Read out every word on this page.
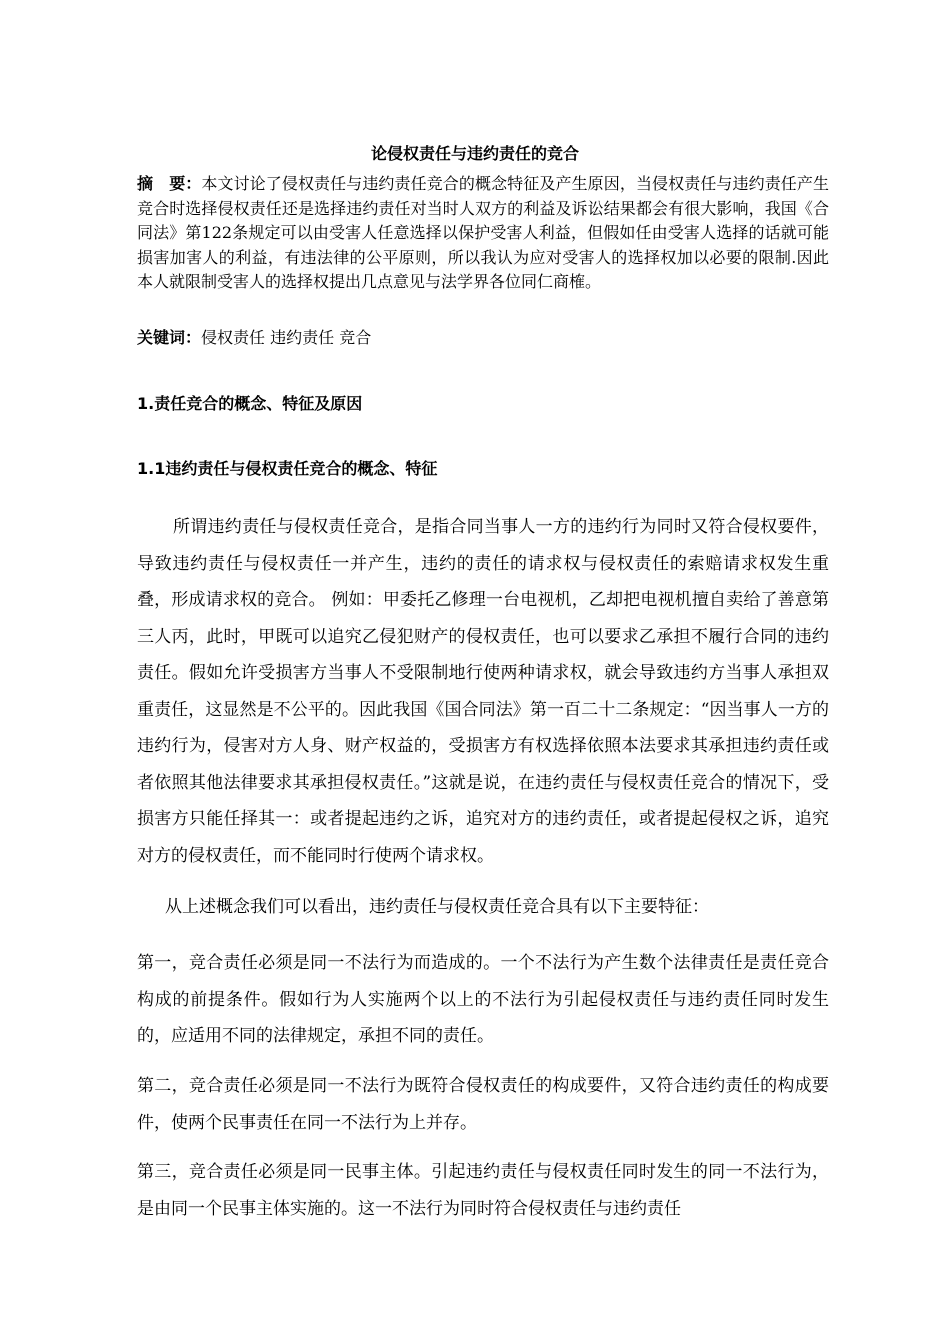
论侵权责任与违约责任的竞合

摘　要：本文讨论了侵权责任与违约责任竞合的概念特征及产生原因，当侵权责任与违约责任产生竞合时选择侵权责任还是选择违约责任对当时人双方的利益及诉讼结果都会有很大影响，我国《合同法》第122条规定可以由受害人任意选择以保护受害人利益，但假如任由受害人选择的话就可能损害加害人的利益，有违法律的公平原则，所以我认为应对受害人的选择权加以必要的限制.因此本人就限制受害人的选择权提出几点意见与法学界各位同仁商榷。

关键词：侵权责任 违约责任 竞合

1.责任竞合的概念、特征及原因
1.1违约责任与侵权责任竞合的概念、特征

所谓违约责任与侵权责任竞合，是指合同当事人一方的违约行为同时又符合侵权要件，导致违约责任与侵权责任一并产生，违约的责任的请求权与侵权责任的索赔请求权发生重叠，形成请求权的竞合。 例如：甲委托乙修理一台电视机，乙却把电视机擅自卖给了善意第三人丙，此时，甲既可以追究乙侵犯财产的侵权责任，也可以要求乙承担不履行合同的违约责任。假如允许受损害方当事人不受限制地行使两种请求权，就会导致违约方当事人承担双重责任，这显然是不公平的。因此我国《国合同法》第一百二十二条规定：“因当事人一方的违约行为，侵害对方人身、财产权益的，受损害方有权选择依照本法要求其承担违约责任或者依照其他法律要求其承担侵权责任。”这就是说，在违约责任与侵权责任竞合的情况下，受损害方只能任择其一：或者提起违约之诉，追究对方的违约责任，或者提起侵权之诉，追究对方的侵权责任，而不能同时行使两个请求权。

从上述概念我们可以看出，违约责任与侵权责任竞合具有以下主要特征：

第一，竞合责任必须是同一不法行为而造成的。一个不法行为产生数个法律责任是责任竞合构成的前提条件。假如行为人实施两个以上的不法行为引起侵权责任与违约责任同时发生的，应适用不同的法律规定，承担不同的责任。

第二，竞合责任必须是同一不法行为既符合侵权责任的构成要件，又符合违约责任的构成要件，使两个民事责任在同一不法行为上并存。

第三，竞合责任必须是同一民事主体。引起违约责任与侵权责任同时发生的同一不法行为，是由同一个民事主体实施的。这一不法行为同时符合侵权责任与违约责任
